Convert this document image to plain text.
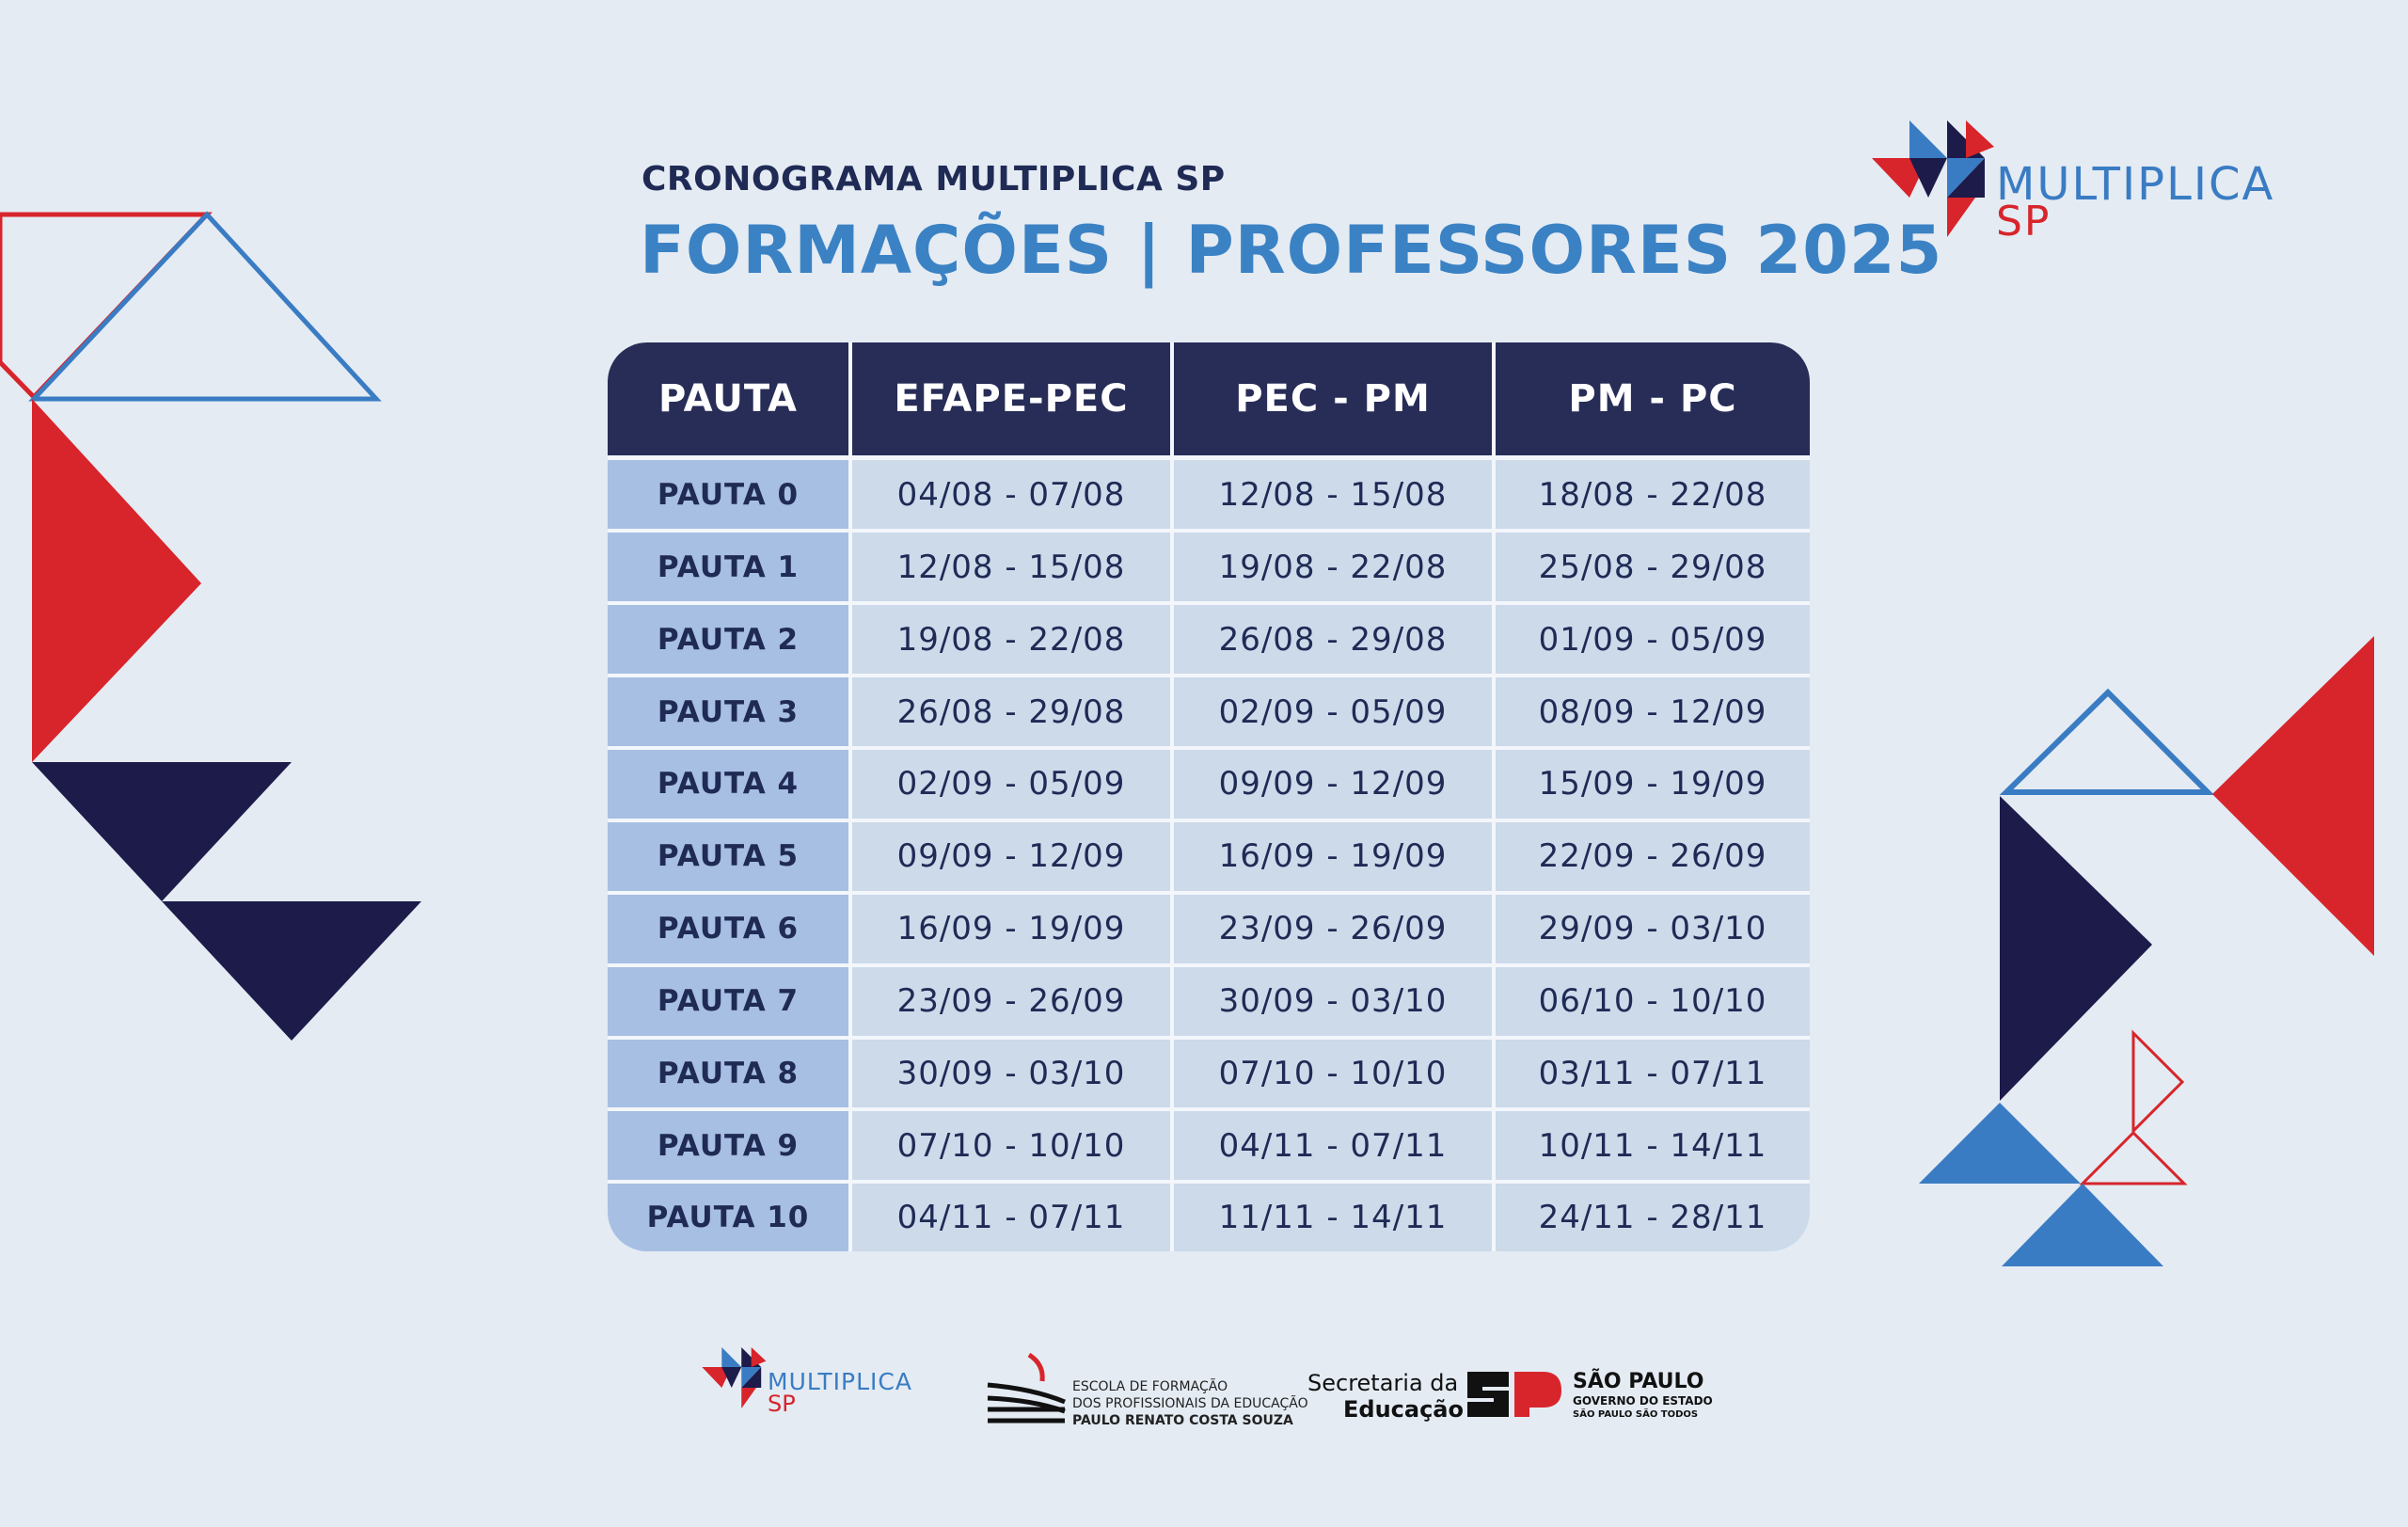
CRONOGRAMA MULTIPLICA SP
FORMAÇÕES | PROFESSORES 2025
MULTIPLICA
SP
PAUTA	EFAPE-PEC	PEC - PM	PM - PC
PAUTA 0	04/08 - 07/08	12/08 - 15/08	18/08 - 22/08
PAUTA 1	12/08 - 15/08	19/08 - 22/08	25/08 - 29/08
PAUTA 2	19/08 - 22/08	26/08 - 29/08	01/09 - 05/09
PAUTA 3	26/08 - 29/08	02/09 - 05/09	08/09 - 12/09
PAUTA 4	02/09 - 05/09	09/09 - 12/09	15/09 - 19/09
PAUTA 5	09/09 - 12/09	16/09 - 19/09	22/09 - 26/09
PAUTA 6	16/09 - 19/09	23/09 - 26/09	29/09 - 03/10
PAUTA 7	23/09 - 26/09	30/09 - 03/10	06/10 - 10/10
PAUTA 8	30/09 - 03/10	07/10 - 10/10	03/11 - 07/11
PAUTA 9	07/10 - 10/10	04/11 - 07/11	10/11 - 14/11
PAUTA 10	04/11 - 07/11	11/11 - 14/11	24/11 - 28/11
MULTIPLICA
SP
ESCOLA DE FORMAÇÃO
DOS PROFISSIONAIS DA EDUCAÇÃO
PAULO RENATO COSTA SOUZA
Secretaria da
Educação
SÃO PAULO
GOVERNO DO ESTADO
SÃO PAULO SÃO TODOS
